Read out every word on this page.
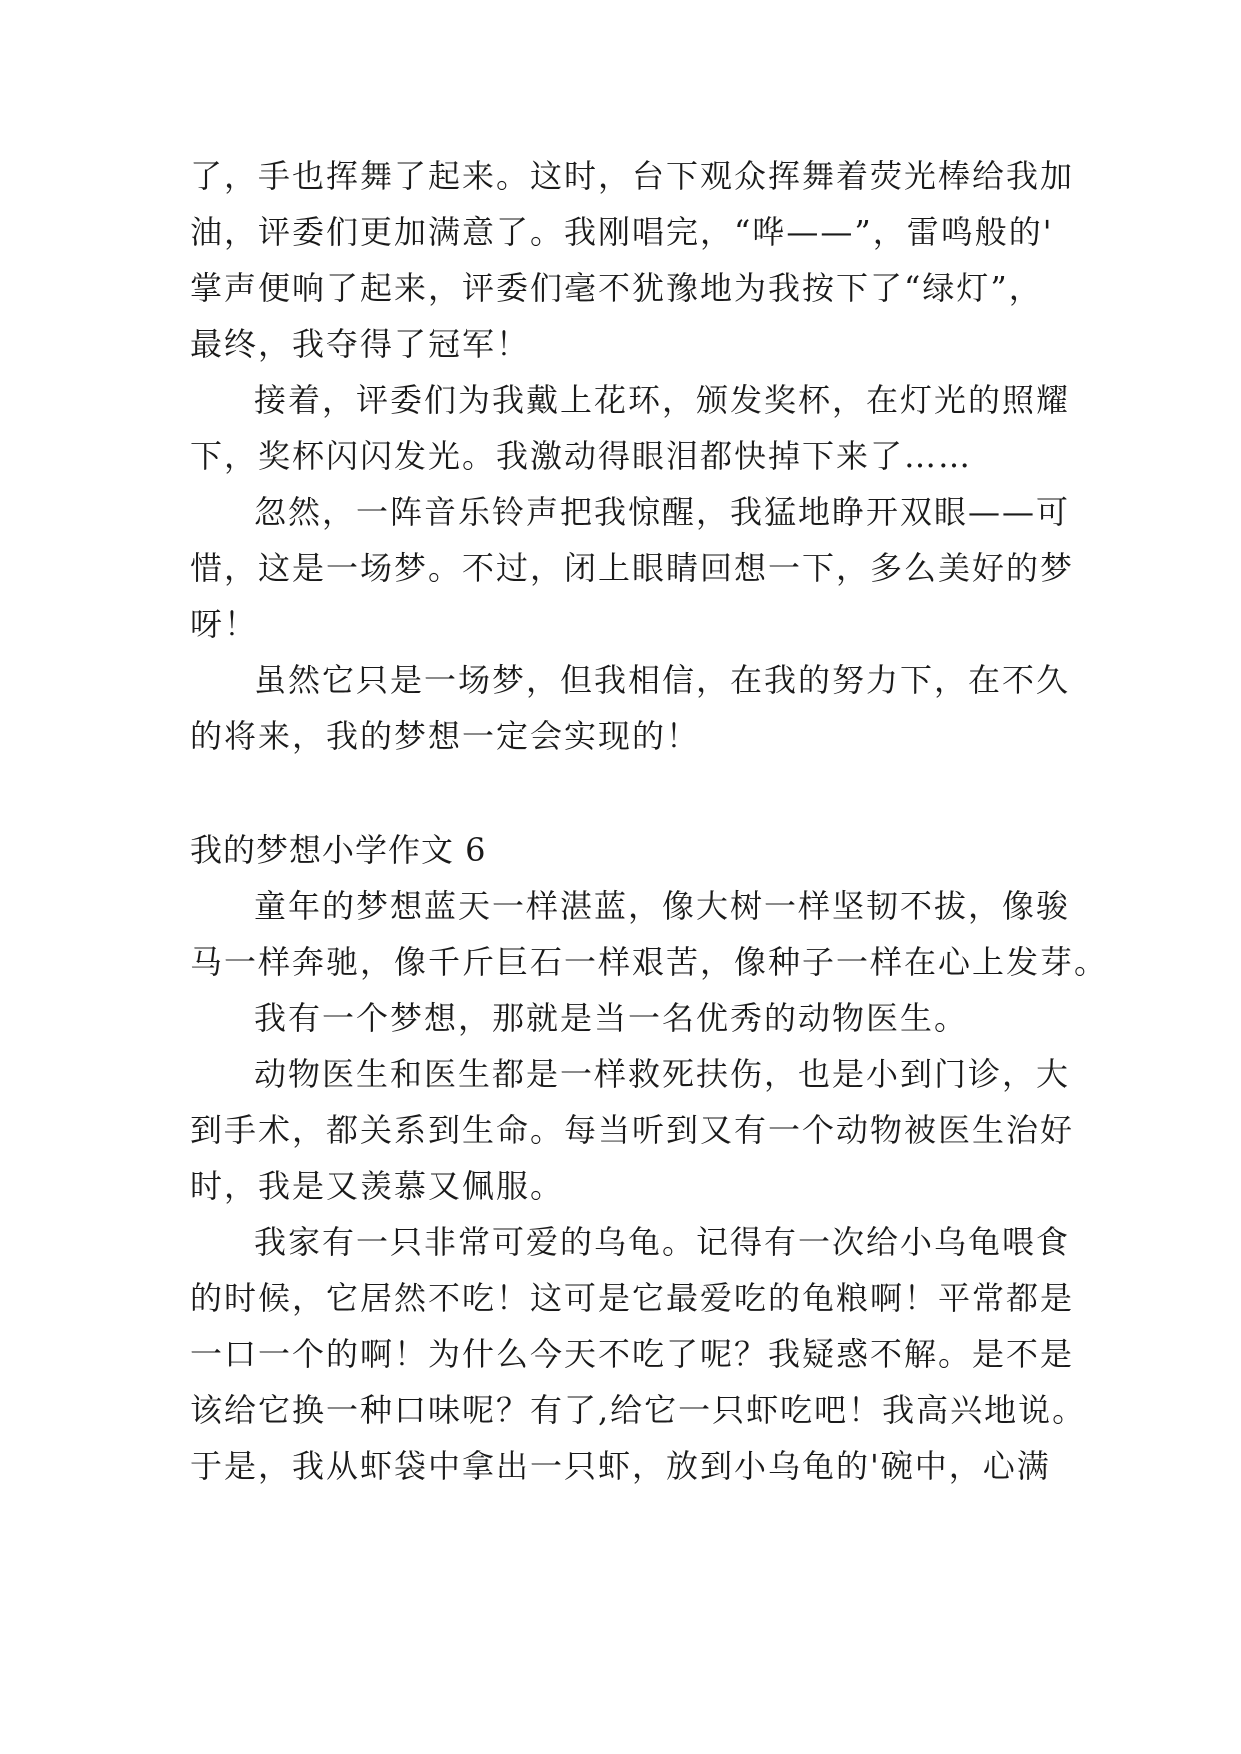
了，手也挥舞了起来。这时，台下观众挥舞着荧光棒给我加
油，评委们更加满意了。我刚唱完，“哗——”，雷鸣般的'
掌声便响了起来，评委们毫不犹豫地为我按下了“绿灯”，
最终，我夺得了冠军！
接着，评委们为我戴上花环，颁发奖杯，在灯光的照耀
下，奖杯闪闪发光。我激动得眼泪都快掉下来了……
忽然，一阵音乐铃声把我惊醒，我猛地睁开双眼——可
惜，这是一场梦。不过，闭上眼睛回想一下，多么美好的梦
呀！
虽然它只是一场梦，但我相信，在我的努力下，在不久
的将来，我的梦想一定会实现的！
我的梦想小学作文 6
童年的梦想蓝天一样湛蓝，像大树一样坚韧不拔，像骏
马一样奔驰，像千斤巨石一样艰苦，像种子一样在心上发芽。
我有一个梦想，那就是当一名优秀的动物医生。
动物医生和医生都是一样救死扶伤，也是小到门诊，大
到手术，都关系到生命。每当听到又有一个动物被医生治好
时，我是又羡慕又佩服。
我家有一只非常可爱的乌龟。记得有一次给小乌龟喂食
的时候，它居然不吃！这可是它最爱吃的龟粮啊！平常都是
一口一个的啊！为什么今天不吃了呢？我疑惑不解。是不是
该给它换一种口味呢？有了,给它一只虾吃吧！我高兴地说。
于是，我从虾袋中拿出一只虾，放到小乌龟的'碗中，心满
